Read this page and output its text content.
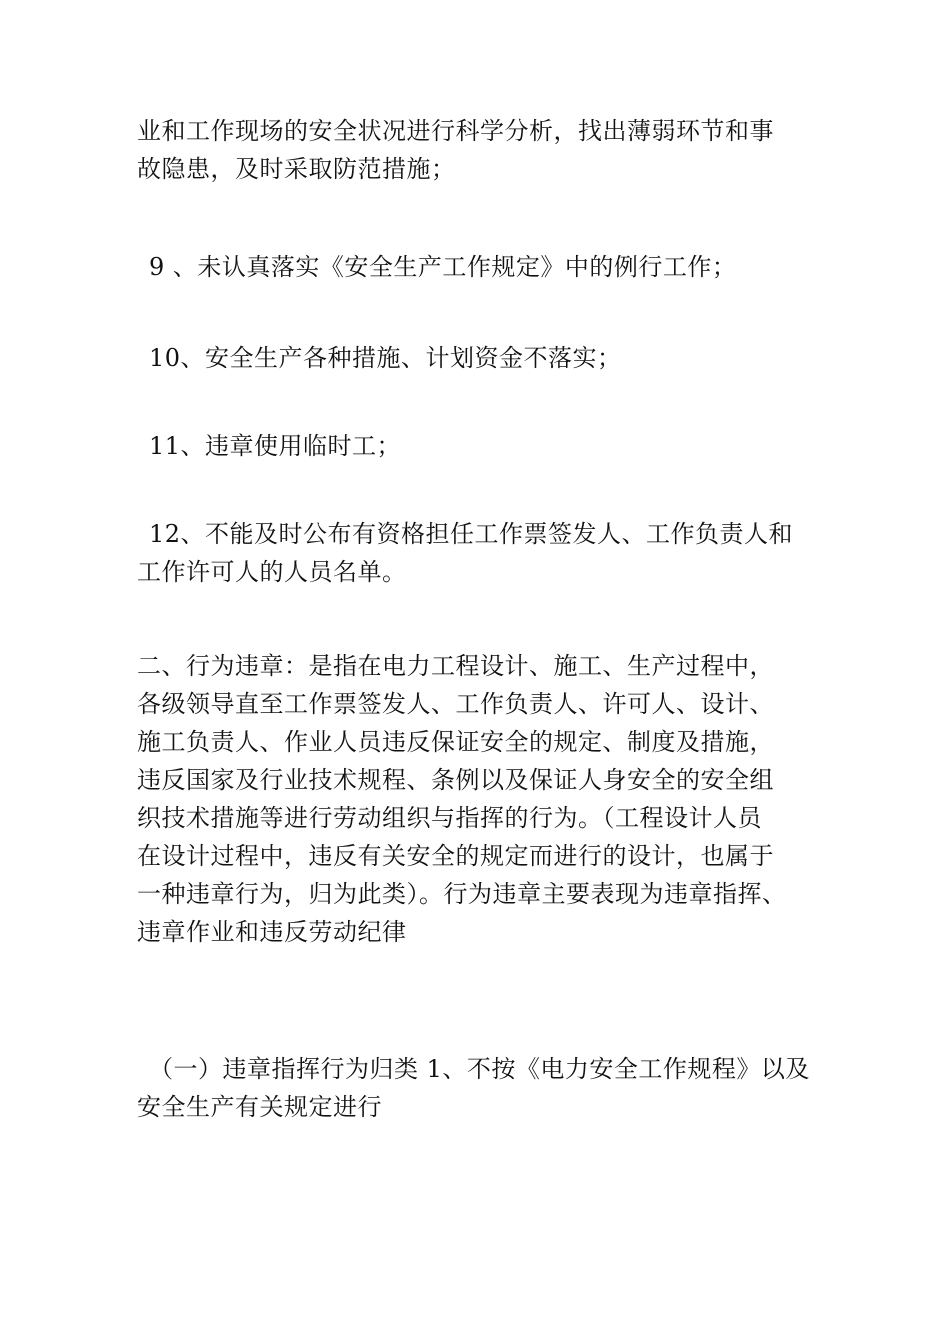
业和工作现场的安全状况进行科学分析，找出薄弱环节和事
故隐患，及时采取防范措施；
9 、未认真落实《安全生产工作规定》中的例行工作；
10、安全生产各种措施、计划资金不落实；
11、违章使用临时工；
12、不能及时公布有资格担任工作票签发人、工作负责人和
工作许可人的人员名单。
二、行为违章：是指在电力工程设计、施工、生产过程中，
各级领导直至工作票签发人、工作负责人、许可人、设计、
施工负责人、作业人员违反保证安全的规定、制度及措施，
违反国家及行业技术规程、条例以及保证人身安全的安全组
织技术措施等进行劳动组织与指挥的行为。（工程设计人员
在设计过程中，违反有关安全的规定而进行的设计，也属于
一种违章行为，归为此类）。行为违章主要表现为违章指挥、
违章作业和违反劳动纪律
（一）违章指挥行为归类 1、不按《电力安全工作规程》以及
安全生产有关规定进行
